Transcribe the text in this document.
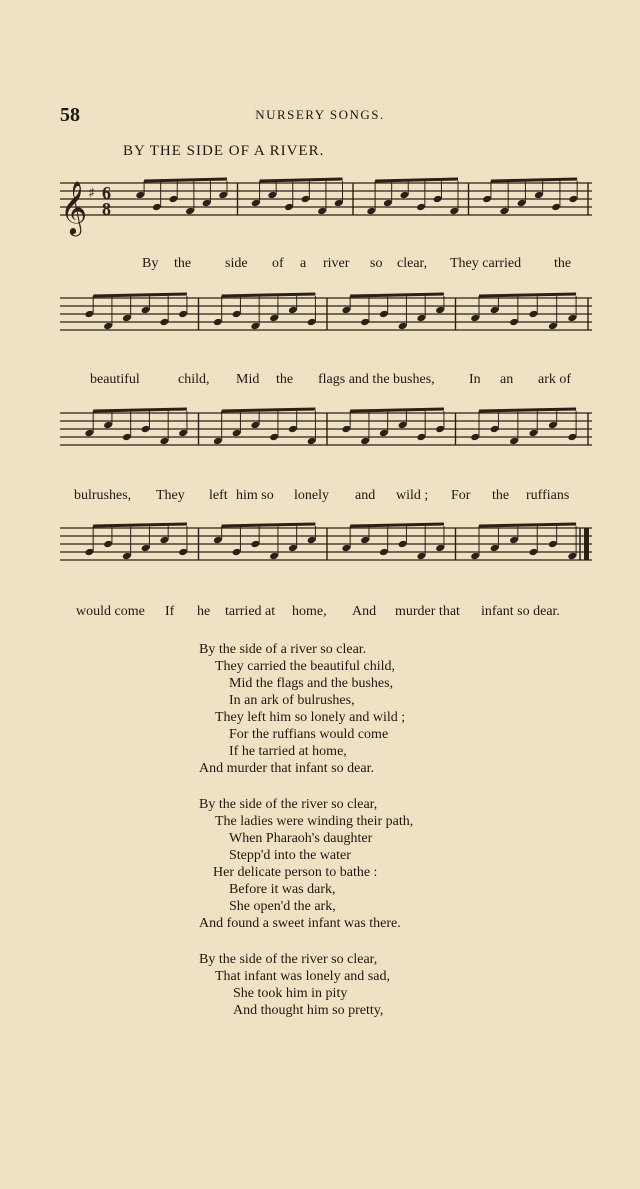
58	NURSERY SONGS.
BY THE SIDE OF A RIVER.
𝄞 ♯ 6
8
By the side of a river so clear, They carried the
beautiful	child, Mid the flags and the bushes, In an ark of
bulrushes, They left him so lonely and wild ; For the ruffians
would come If he tarried at home, And murder that infant so dear.
By the side of a river so clear.
They carried the beautiful child,
Mid the flags and the bushes,
In an ark of bulrushes,
They left him so lonely and wild ;
For the ruffians would come
If he tarried at home,
And murder that infant so dear.
By the side of the river so clear,
The ladies were winding their path,
When Pharaoh's daughter
Stepp'd into the water
Her delicate person to bathe :
Before it was dark,
She open'd the ark,
And found a sweet infant was there.
By the side of the river so clear,
That infant was lonely and sad,
She took him in pity
And thought him so pretty,
